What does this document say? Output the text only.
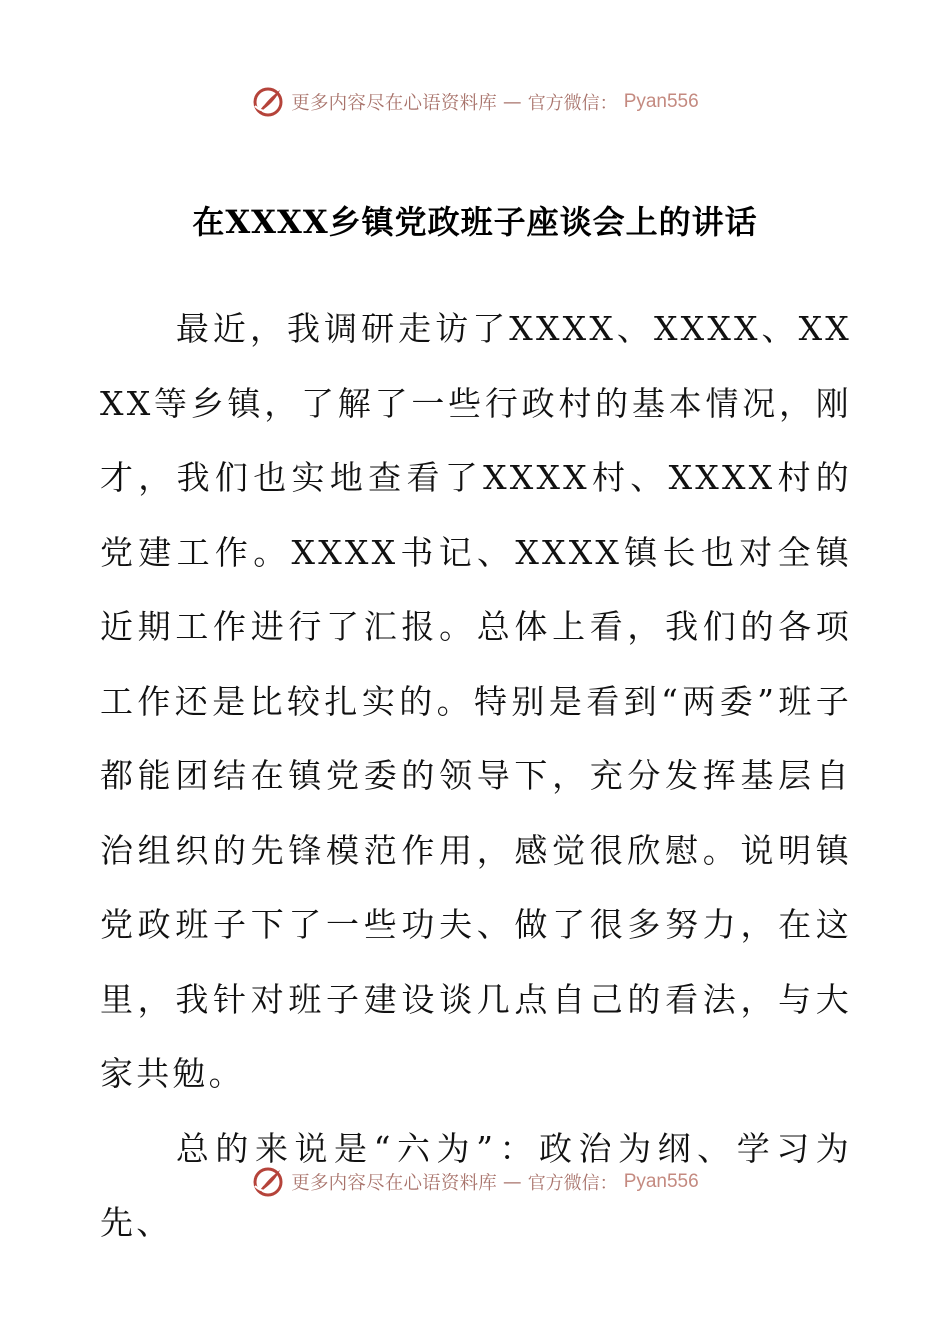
更多内容尽在心语资料库 — 官方微信： Pyan556
在XXXX乡镇党政班子座谈会上的讲话

最近，我调研走访了XXXX、XXXX、XXXX等乡镇，了解了一些行政村的基本情况，刚才，我们也实地查看了XXXX村、XXXX村的党建工作。XXXX书记、XXXX镇长也对全镇近期工作进行了汇报。总体上看，我们的各项工作还是比较扎实的。特别是看到“两委”班子都能团结在镇党委的领导下，充分发挥基层自治组织的先锋模范作用，感觉很欣慰。说明镇党政班子下了一些功夫、做了很多努力，在这里，我针对班子建设谈几点自己的看法，与大家共勉。

总的来说是“六为”：政治为纲、学习为先、

更多内容尽在心语资料库 — 官方微信： Pyan556
